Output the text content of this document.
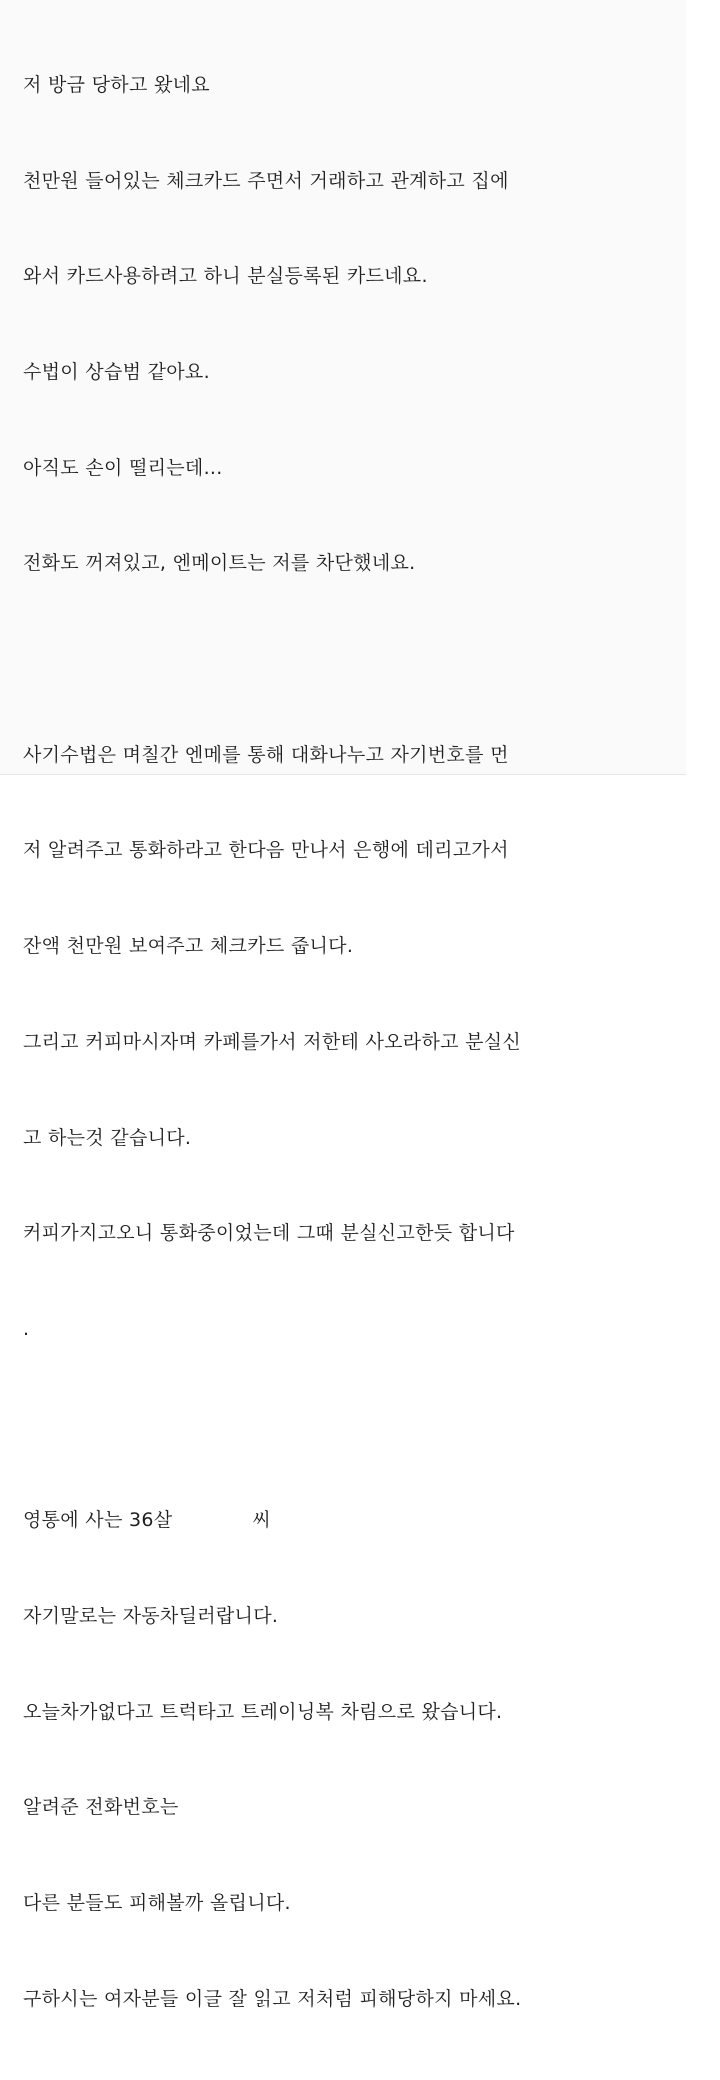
저 방금 당하고 왔네요

천만원 들어있는 체크카드 주면서 거래하고 관계하고 집에

와서 카드사용하려고 하니 분실등록된 카드네요.

수법이 상습범 같아요.

아직도 손이 떨리는데...

전화도 꺼져있고, 엔메이트는 저를 차단했네요.

사기수법은 며칠간 엔메를 통해 대화나누고 자기번호를 먼

저 알려주고 통화하라고 한다음 만나서 은행에 데리고가서

잔액 천만원 보여주고 체크카드 줍니다.

그리고 커피마시자며 카페를가서 저한테 사오라하고 분실신

고 하는것 같습니다.

커피가지고오니 통화중이었는데 그때 분실신고한듯 합니다

.

영통에 사는 36살	씨

자기말로는 자동차딜러랍니다.

오늘차가없다고 트럭타고 트레이닝복 차림으로 왔습니다.

알려준 전화번호는

다른 분들도 피해볼까 올립니다.

구하시는 여자분들 이글 잘 읽고 저처럼 피해당하지 마세요.
